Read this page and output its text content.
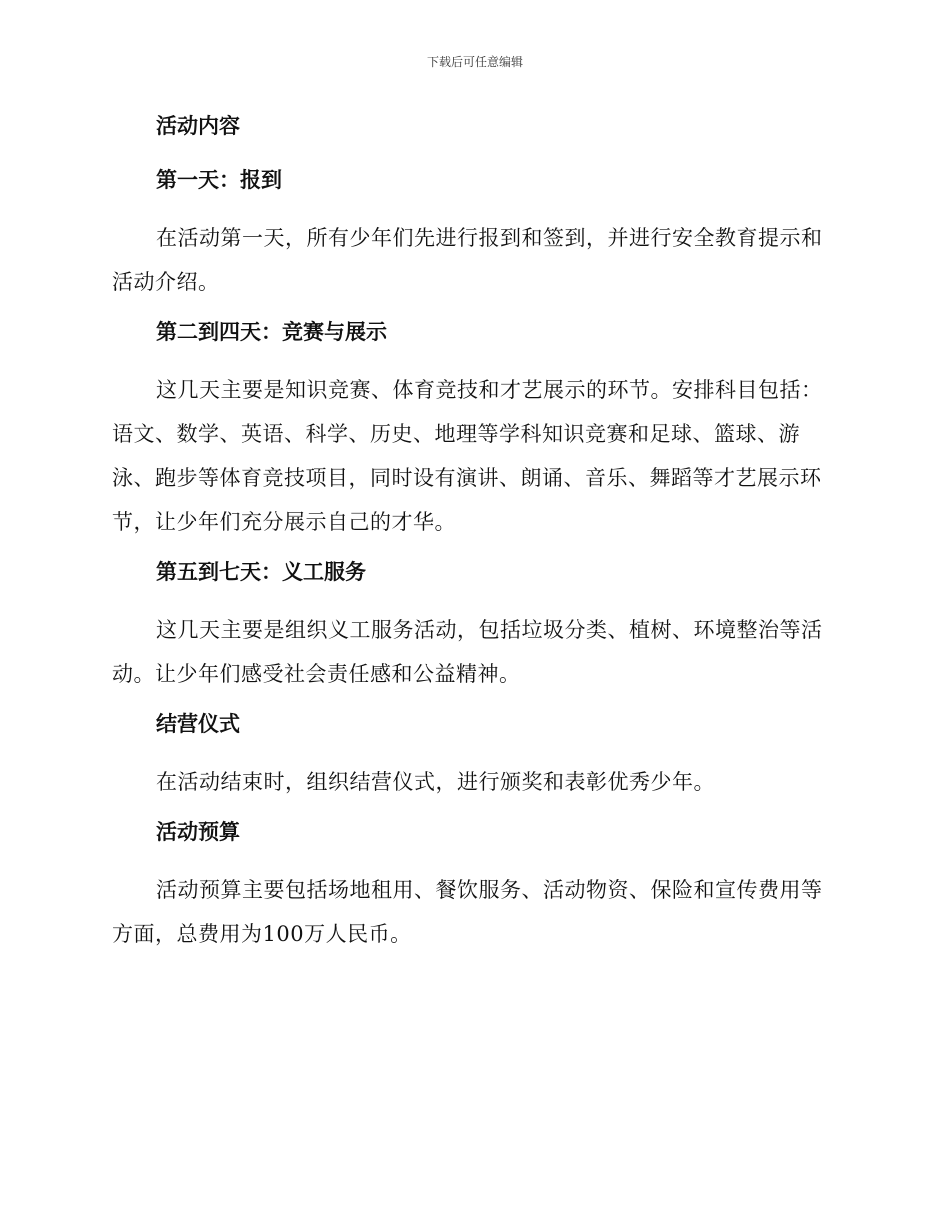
下载后可任意编辑
活动内容
第一天：报到

在活动第一天，所有少年们先进行报到和签到，并进行安全教育提示和活动介绍。

第二到四天：竞赛与展示

这几天主要是知识竞赛、体育竞技和才艺展示的环节。安排科目包括：语文、数学、英语、科学、历史、地理等学科知识竞赛和足球、篮球、游泳、跑步等体育竞技项目，同时设有演讲、朗诵、音乐、舞蹈等才艺展示环节，让少年们充分展示自己的才华。

第五到七天：义工服务

这几天主要是组织义工服务活动，包括垃圾分类、植树、环境整治等活动。让少年们感受社会责任感和公益精神。

结营仪式

在活动结束时，组织结营仪式，进行颁奖和表彰优秀少年。

活动预算

活动预算主要包括场地租用、餐饮服务、活动物资、保险和宣传费用等方面，总费用为100万人民币。
